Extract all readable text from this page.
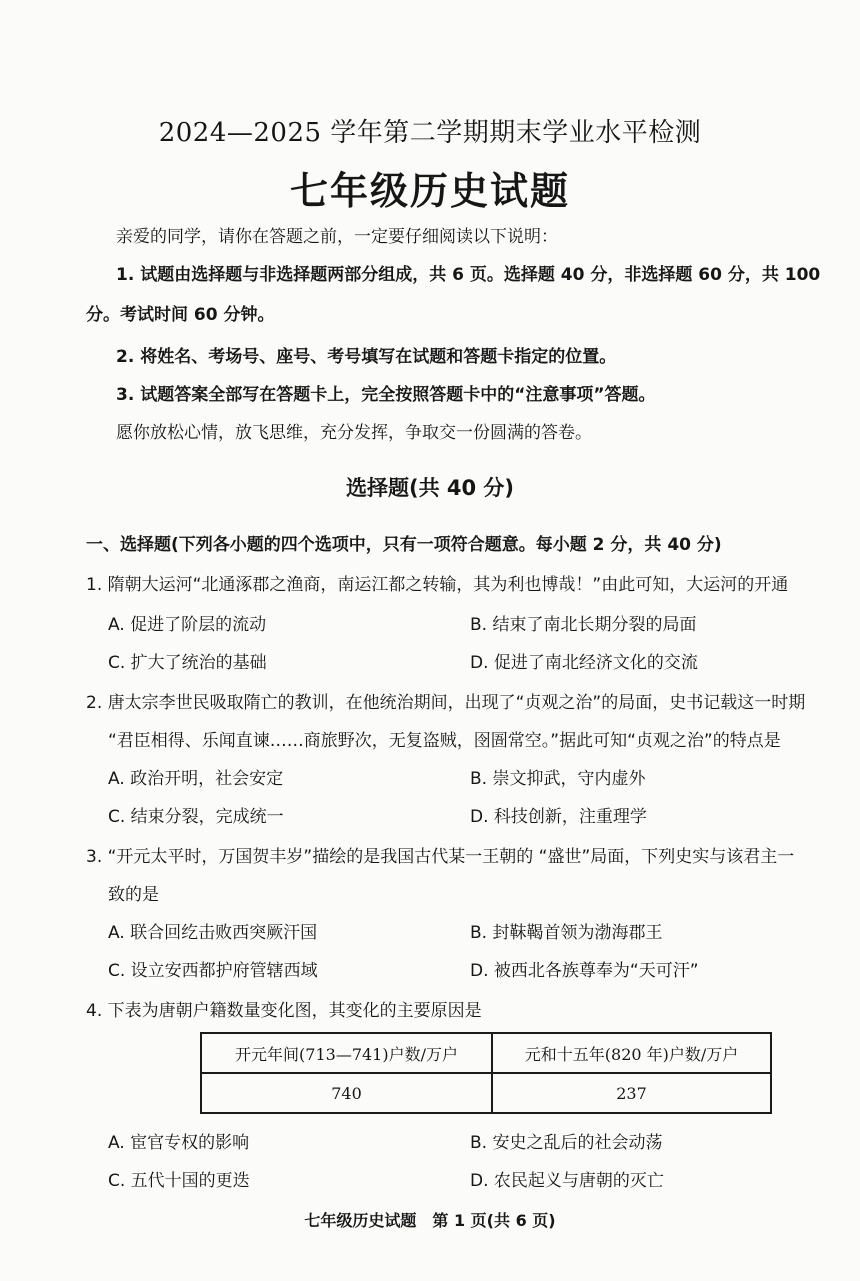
2024—2025 学年第二学期期末学业水平检测
七年级历史试题
亲爱的同学，请你在答题之前，一定要仔细阅读以下说明：
1. 试题由选择题与非选择题两部分组成，共 6 页。选择题 40 分，非选择题 60 分，共 100
分。考试时间 60 分钟。
2. 将姓名、考场号、座号、考号填写在试题和答题卡指定的位置。
3. 试题答案全部写在答题卡上，完全按照答题卡中的“注意事项”答题。
愿你放松心情，放飞思维，充分发挥，争取交一份圆满的答卷。
选择题(共 40 分)
一、选择题(下列各小题的四个选项中，只有一项符合题意。每小题 2 分，共 40 分)
1. 隋朝大运河“北通涿郡之渔商，南运江都之转输，其为利也博哉！”由此可知，大运河的开通
A. 促进了阶层的流动	B. 结束了南北长期分裂的局面
C. 扩大了统治的基础	D. 促进了南北经济文化的交流
2. 唐太宗李世民吸取隋亡的教训，在他统治期间，出现了“贞观之治”的局面，史书记载这一时期
“君臣相得、乐闻直谏……商旅野次，无复盗贼，囹圄常空。”据此可知“贞观之治”的特点是
A. 政治开明，社会安定	B. 崇文抑武，守内虚外
C. 结束分裂，完成统一	D. 科技创新，注重理学
3. “开元太平时，万国贺丰岁”描绘的是我国古代某一王朝的 “盛世”局面，下列史实与该君主一
致的是
A. 联合回纥击败西突厥汗国	B. 封靺鞨首领为渤海郡王
C. 设立安西都护府管辖西域	D. 被西北各族尊奉为“天可汗”
4. 下表为唐朝户籍数量变化图，其变化的主要原因是
开元年间(713—741)户数/万户	元和十五年(820 年)户数/万户
740	237
A. 宦官专权的影响	B. 安史之乱后的社会动荡
C. 五代十国的更迭	D. 农民起义与唐朝的灭亡
七年级历史试题　第 1 页(共 6 页)
